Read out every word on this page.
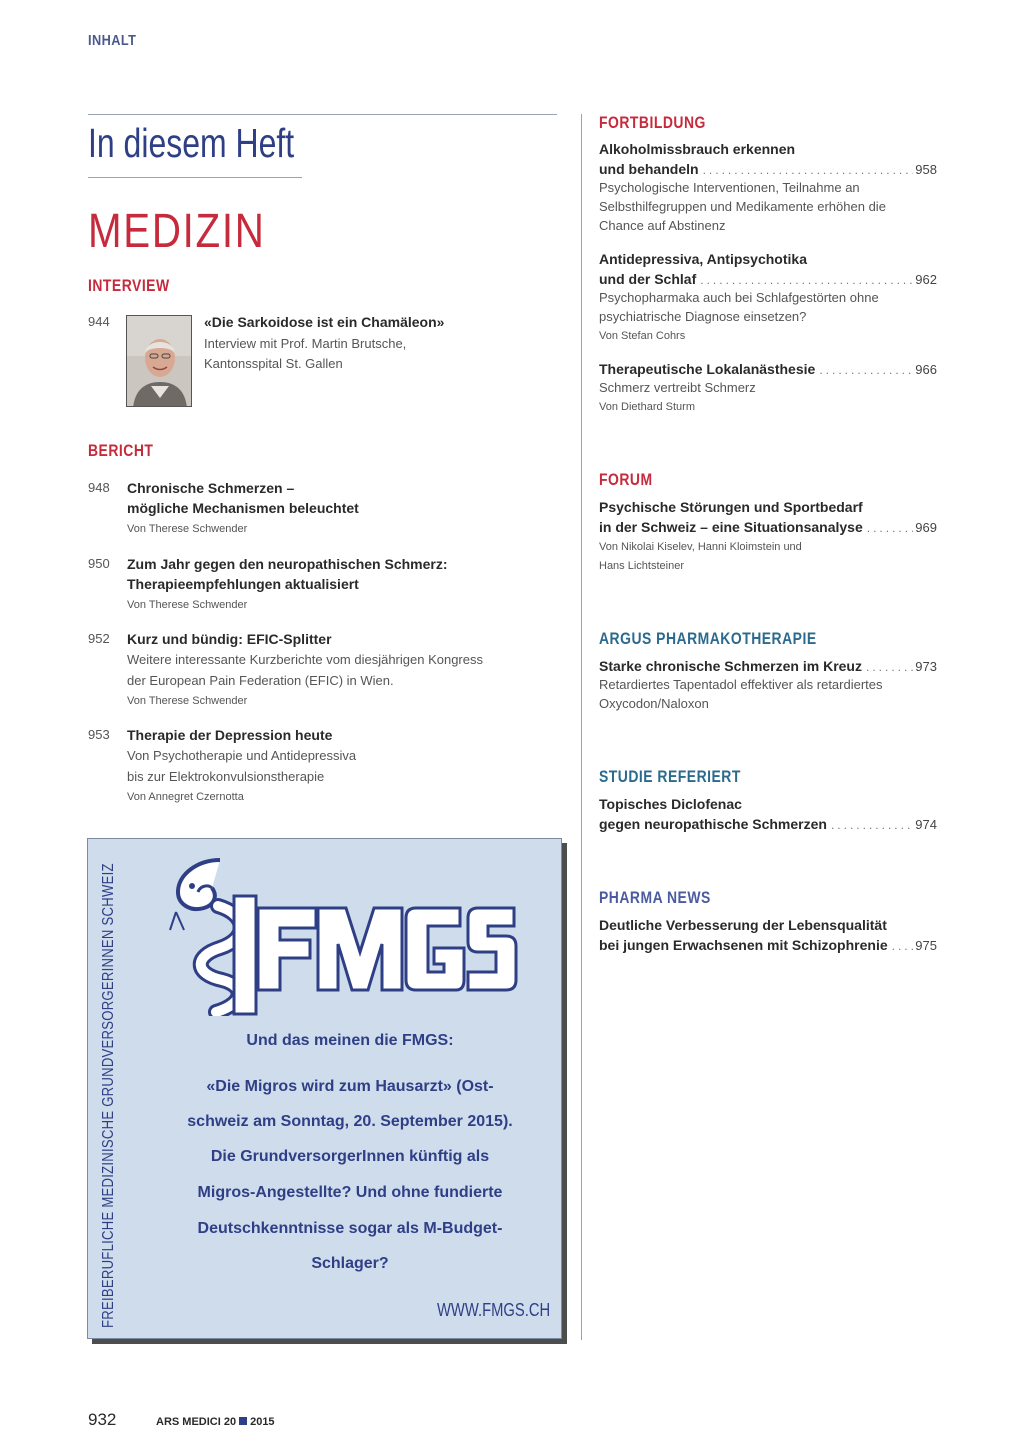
INHALT
In diesem Heft
MEDIZIN
INTERVIEW
944	«Die Sarkoidose ist ein Chamäleon»
Interview mit Prof. Martin Brutsche,
Kantonsspital St. Gallen
BERICHT
948 Chronische Schmerzen –
mögliche Mechanismen beleuchtet
Von Therese Schwender
950 Zum Jahr gegen den neuropathischen Schmerz:
Therapieempfehlungen aktualisiert
Von Therese Schwender
952 Kurz und bündig: EFIC-Splitter
Weitere interessante Kurzberichte vom diesjährigen Kongress
der European Pain Federation (EFIC) in Wien.
Von Therese Schwender
953 Therapie der Depression heute
Von Psychotherapie und Antidepressiva
bis zur Elektrokonvulsionstherapie
Von Annegret Czernotta
FORTBILDUNG
Alkoholmissbrauch erkennen
und behandeln .....	958
Psychologische Interventionen, Teilnahme an
Selbsthilfegruppen und Medikamente erhöhen die
Chance auf Abstinenz
Antidepressiva, Antipsychotika
und der Schlaf .....	962
Psychopharmaka auch bei Schlafgestörten ohne
psychiatrische Diagnose einsetzen?
Von Stefan Cohrs
Therapeutische Lokalanästhesie .....	966
Schmerz vertreibt Schmerz
Von Diethard Sturm
FORUM
Psychische Störungen und Sportbedarf
in der Schweiz – eine Situationsanalyse .....	969
Von Nikolai Kiselev, Hanni Kloimstein und
Hans Lichtsteiner
ARGUS PHARMAKOTHERAPIE
Starke chronische Schmerzen im Kreuz .....	973
Retardiertes Tapentadol effektiver als retardiertes
Oxycodon/Naloxon
STUDIE REFERIERT
Topisches Diclofenac
gegen neuropathische Schmerzen .....	974
PHARMA NEWS
Deutliche Verbesserung der Lebensqualität
bei jungen Erwachsenen mit Schizophrenie ..... 975
FREIBERUFLICHE MEDIZINISCHE GRUNDVERSORGERINNEN SCHWEIZ	Und das meinen die FMGS:
«Die Migros wird zum Hausarzt» (Ost-
schweiz am Sonntag, 20. September 2015).
Die GrundversorgerInnen künftig als
Migros-Angestellte? Und ohne fundierte
Deutschkenntnisse sogar als M-Budget-
Schlager?
WWW.FMGS.CH
932	ARS MEDICI 20 2015
